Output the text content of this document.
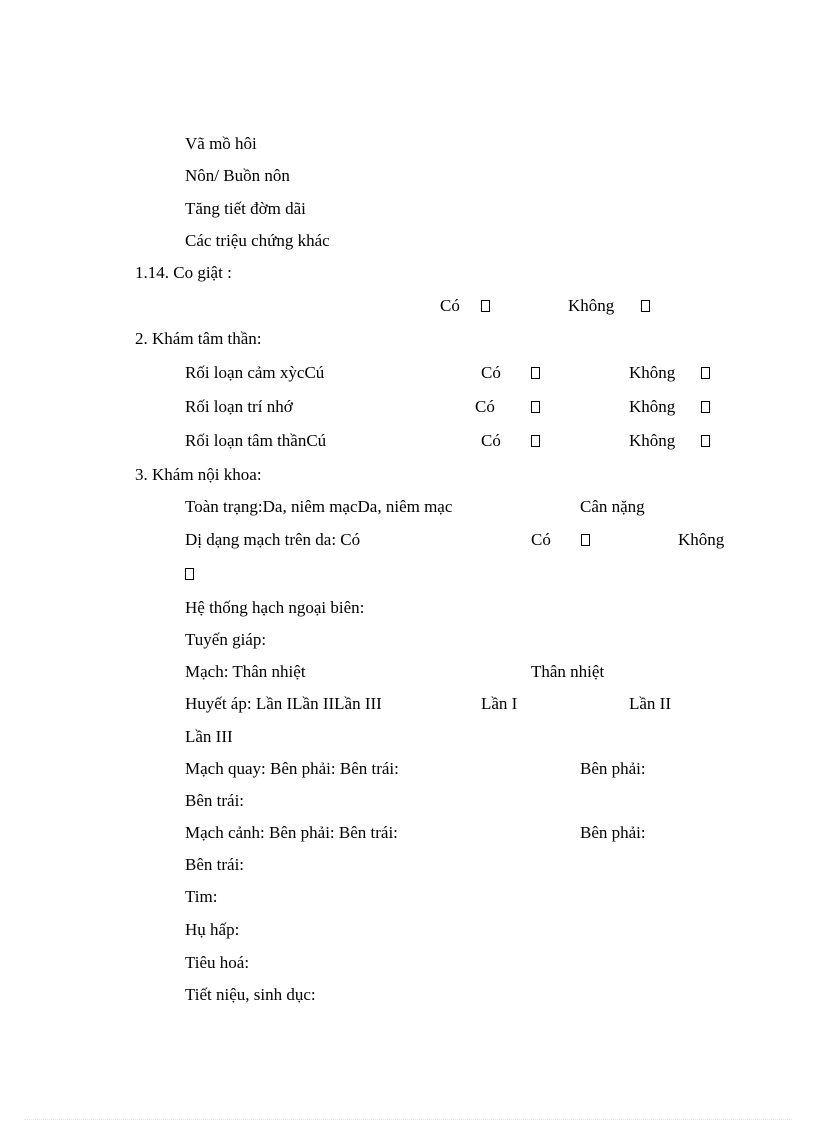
Vã mồ hôi
Nôn/ Buồn nôn
Tăng tiết đờm dãi
Các triệu chứng khác
1.14. Co giật :
Có	Không
2. Khám tâm thần:
Rối loạn cảm xỳcCú	Có	Không
Rối loạn trí nhớ	Có	Không
Rối loạn tâm thầnCú	Có	Không
3. Khám nội khoa:
Toàn trạng:Da, niêm mạcDa, niêm mạc	Cân nặng
Dị dạng mạch trên da: Có	Có	Không
Hệ thống hạch ngoại biên:
Tuyến giáp:
Mạch: Thân nhiệt	Thân nhiệt
Huyết áp: Lần ILần IILần III	Lần I	Lần II
Lần III
Mạch quay: Bên phải: Bên trái:	Bên phải:
Bên trái:
Mạch cảnh: Bên phải: Bên trái:	Bên phải:
Bên trái:
Tim:
Hụ hấp:
Tiêu hoá:
Tiết niệu, sinh dục:
